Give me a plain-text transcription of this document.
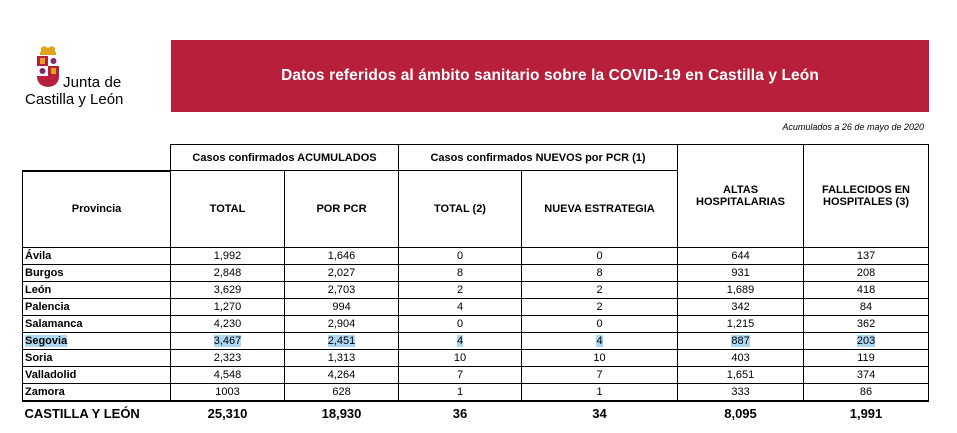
Junta de
Castilla y León
Datos referidos al ámbito sanitario sobre la COVID-19 en Castilla y León
Acumulados a 26 de mayo de 2020
	Casos confirmados ACUMULADOS		Casos confirmados NUEVOS por PCR (1)		ALTAS HOSPITALARIAS	FALLECIDOS EN HOSPITALES (3)
Provincia	TOTAL	POR PCR	TOTAL (2)	NUEVA ESTRATEGIA		
Ávila	1,992	1,646	0	0	644	137
Burgos	2,848	2,027	8	8	931	208
León	3,629	2,703	2	2	1,689	418
Palencia	1,270	994	4	2	342	84
Salamanca	4,230	2,904	0	0	1,215	362
Segovia	3,467	2,451	4	4	887	203
Soria	2,323	1,313	10	10	403	119
Valladolid	4,548	4,264	7	7	1,651	374
Zamora	1003	628	1	1	333	86
CASTILLA Y LEÓN	25,310	18,930	36	34	8,095	1,991
